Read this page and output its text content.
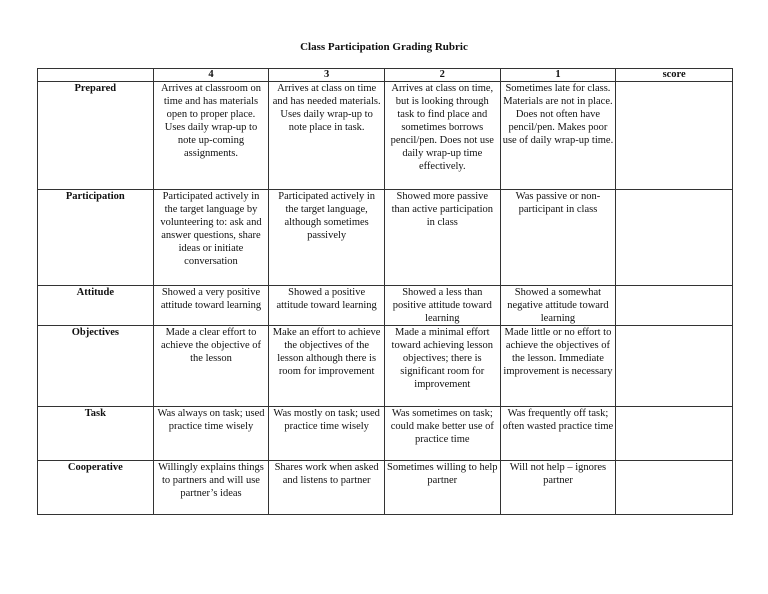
Class Participation Grading Rubric
	4	3	2	1	score
Prepared	Arrives at classroom on time and has materials open to proper place. Uses daily wrap-up to note up-coming assignments.	Arrives at class on time and has needed materials. Uses daily wrap-up to note place in task.	Arrives at class on time, but is looking through task to find place and sometimes borrows pencil/pen. Does not use daily wrap-up time effectively.	Sometimes late for class. Materials are not in place. Does not often have pencil/pen. Makes poor use of daily wrap-up time.	
Participation	Participated actively in the target language by volunteering to: ask and answer questions, share ideas or initiate conversation	Participated actively in the target language, although sometimes passively	Showed more passive than active participation in class	Was passive or non-participant in class	
Attitude	Showed a very positive attitude toward learning	Showed a positive attitude toward learning	Showed a less than positive attitude toward learning	Showed a somewhat negative attitude toward learning	
Objectives	Made a clear effort to achieve the objective of the lesson	Make an effort to achieve the objectives of the lesson although there is room for improvement	Made a minimal effort toward achieving lesson objectives; there is significant room for improvement	Made little or no effort to achieve the objectives of the lesson. Immediate improvement is necessary	
Task	Was always on task; used practice time wisely	Was mostly on task; used practice time wisely	Was sometimes on task; could make better use of practice time	Was frequently off task; often wasted practice time	
Cooperative	Willingly explains things to partners and will use partner’s ideas	Shares work when asked and listens to partner	Sometimes willing to help partner	Will not help – ignores partner	
